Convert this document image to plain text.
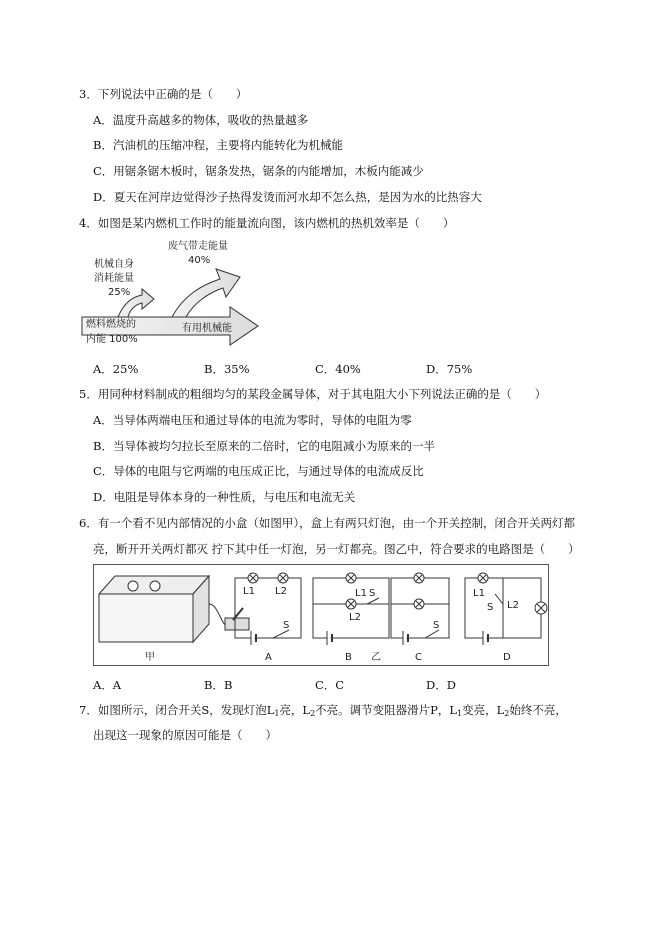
3．下列说法中正确的是（　　）
A．温度升高越多的物体，吸收的热量越多
B．汽油机的压缩冲程，主要将内能转化为机械能
C．用锯条锯木板时，锯条发热，锯条的内能增加，木板内能减少
D．夏天在河岸边觉得沙子热得发烫而河水却不怎么热，是因为水的比热容大
4．如图是某内燃机工作时的能量流向图，该内燃机的热机效率是（　　）
废气带走能量
40%
机械自身
消耗能量
25%
燃料燃烧的
内能 100%
有用机械能
A．25%	B．35%	C．40%	D．75%
5．用同种材料制成的粗细均匀的某段金属导体，对于其电阻大小下列说法正确的是（　　）
A．当导体两端电压和通过导体的电流为零时，导体的电阻为零
B．当导体被均匀拉长至原来的二倍时，它的电阻减小为原来的一半
C．导体的电阻与它两端的电压成正比，与通过导体的电流成反比
D．电阻是导体本身的一种性质，与电压和电流无关
6．有一个看不见内部情况的小盒（如图甲），盒上有两只灯泡，由一个开关控制，闭合开关两灯都
亮，断开开关两灯都灭 拧下其中任一灯泡，另一灯都亮。图乙中，符合要求的电路图是（　　）
甲
L1 L2
S
A
L1 S
L2
B 乙
S
C
L1
S L2
D
A．A	B．B	C．C	D．D
7．如图所示，闭合开关S，发现灯泡$L_1$亮，$L_2$不亮。调节变阻器滑片P，$L_1$变亮，$L_2$始终不亮，
出现这一现象的原因可能是（　　）
